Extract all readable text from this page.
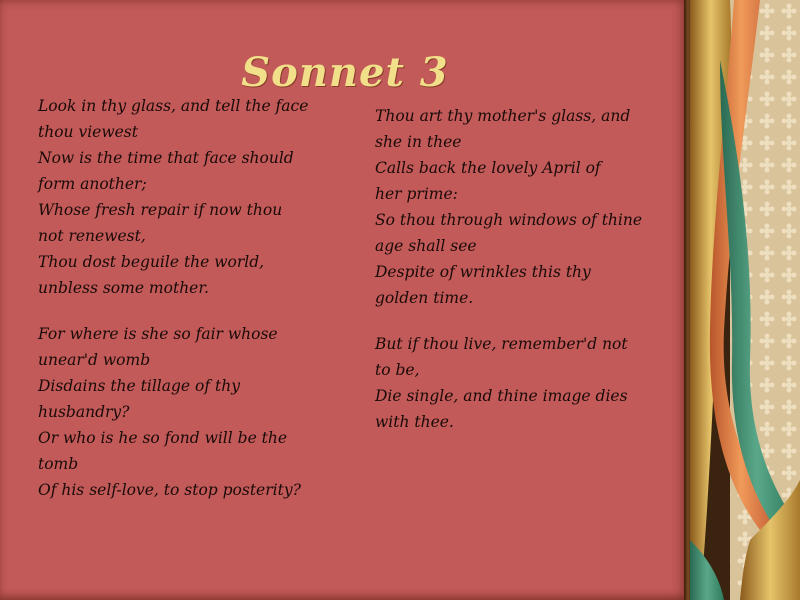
Sonnet 3

Look in thy glass, and tell the face
thou viewest
Now is the time that face should
form another;
Whose fresh repair if now thou
not renewest,
Thou dost beguile the world,
unbless some mother.

For where is she so fair whose
unear'd womb
Disdains the tillage of thy
husbandry?
Or who is he so fond will be the
tomb
Of his self-love, to stop posterity?

Thou art thy mother's glass, and
she in thee
Calls back the lovely April of
her prime:
So thou through windows of thine
age shall see
Despite of wrinkles this thy
golden time.

But if thou live, remember'd not
to be,
Die single, and thine image dies
with thee.
